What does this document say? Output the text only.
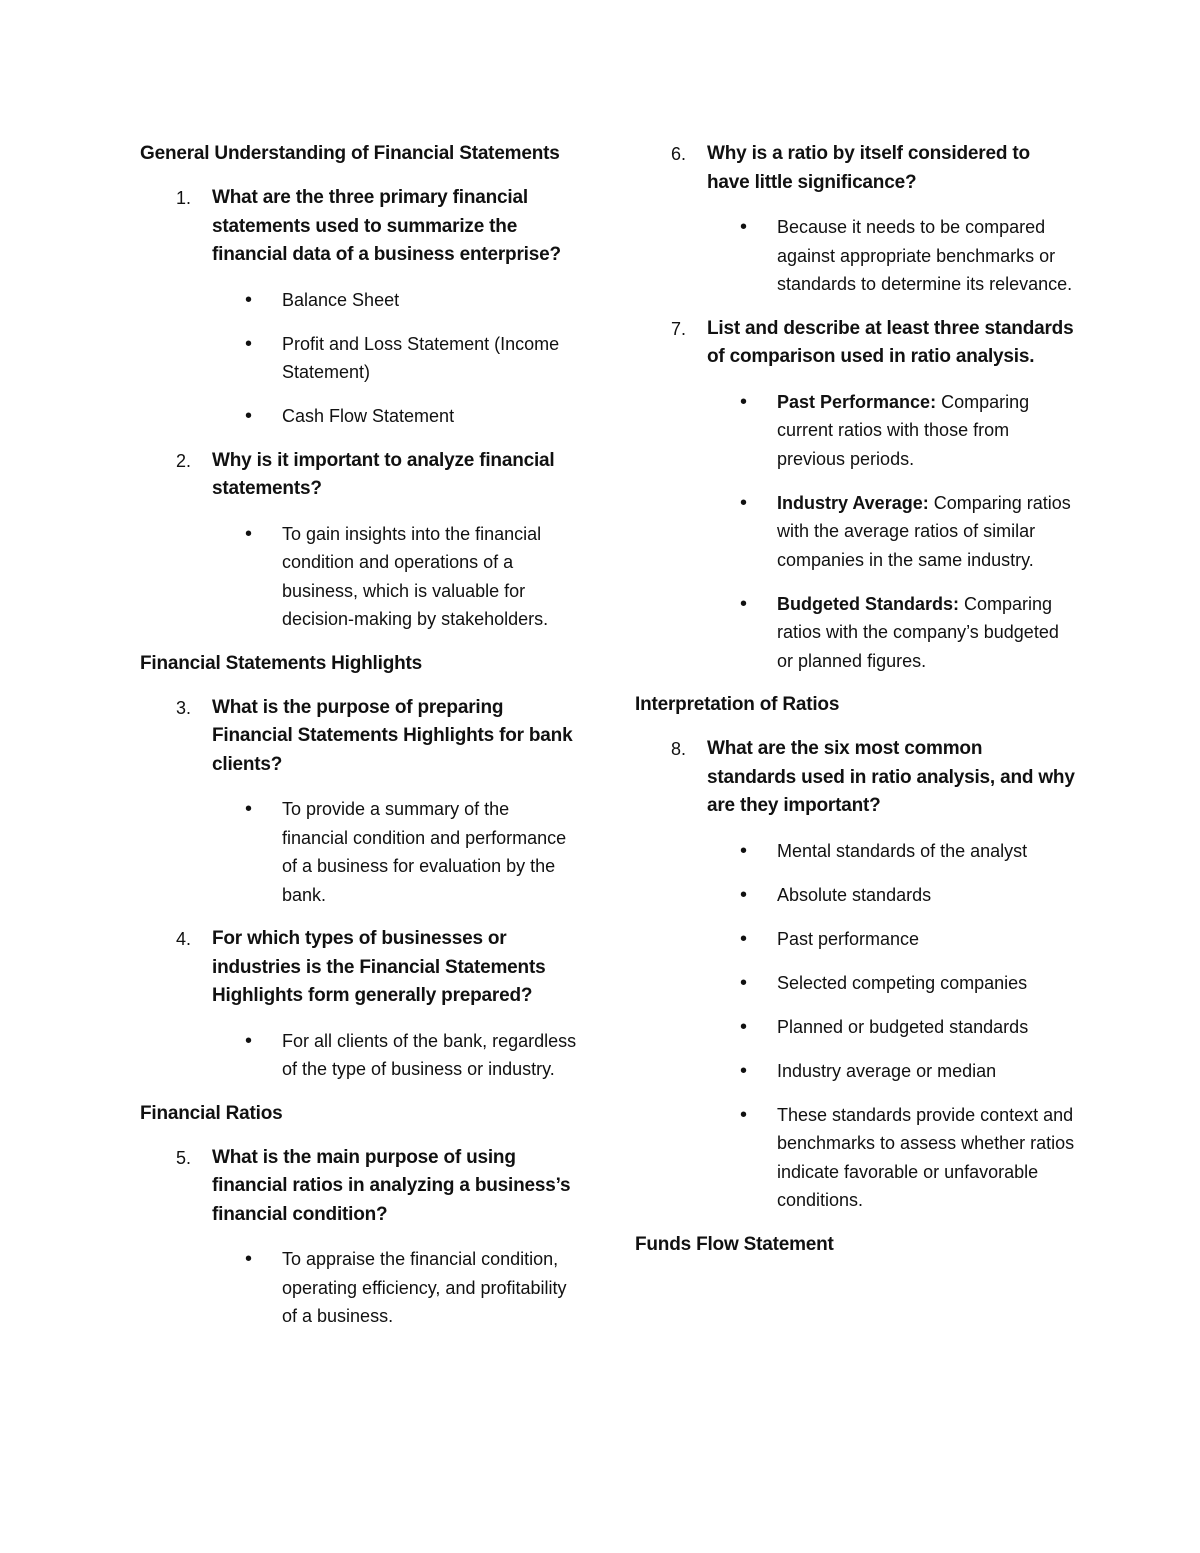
General Understanding of Financial Statements
1. What are the three primary financial statements used to summarize the financial data of a business enterprise?
• Balance Sheet
• Profit and Loss Statement (Income Statement)
• Cash Flow Statement
2. Why is it important to analyze financial statements?
• To gain insights into the financial condition and operations of a business, which is valuable for decision-making by stakeholders.
Financial Statements Highlights
3. What is the purpose of preparing Financial Statements Highlights for bank clients?
• To provide a summary of the financial condition and performance of a business for evaluation by the bank.
4. For which types of businesses or industries is the Financial Statements Highlights form generally prepared?
• For all clients of the bank, regardless of the type of business or industry.
Financial Ratios
5. What is the main purpose of using financial ratios in analyzing a business’s financial condition?
• To appraise the financial condition, operating efficiency, and profitability of a business.
6. Why is a ratio by itself considered to have little significance?
• Because it needs to be compared against appropriate benchmarks or standards to determine its relevance.
7. List and describe at least three standards of comparison used in ratio analysis.
• Past Performance: Comparing current ratios with those from previous periods.
• Industry Average: Comparing ratios with the average ratios of similar companies in the same industry.
• Budgeted Standards: Comparing ratios with the company’s budgeted or planned figures.
Interpretation of Ratios
8. What are the six most common standards used in ratio analysis, and why are they important?
• Mental standards of the analyst
• Absolute standards
• Past performance
• Selected competing companies
• Planned or budgeted standards
• Industry average or median
• These standards provide context and benchmarks to assess whether ratios indicate favorable or unfavorable conditions.
Funds Flow Statement
